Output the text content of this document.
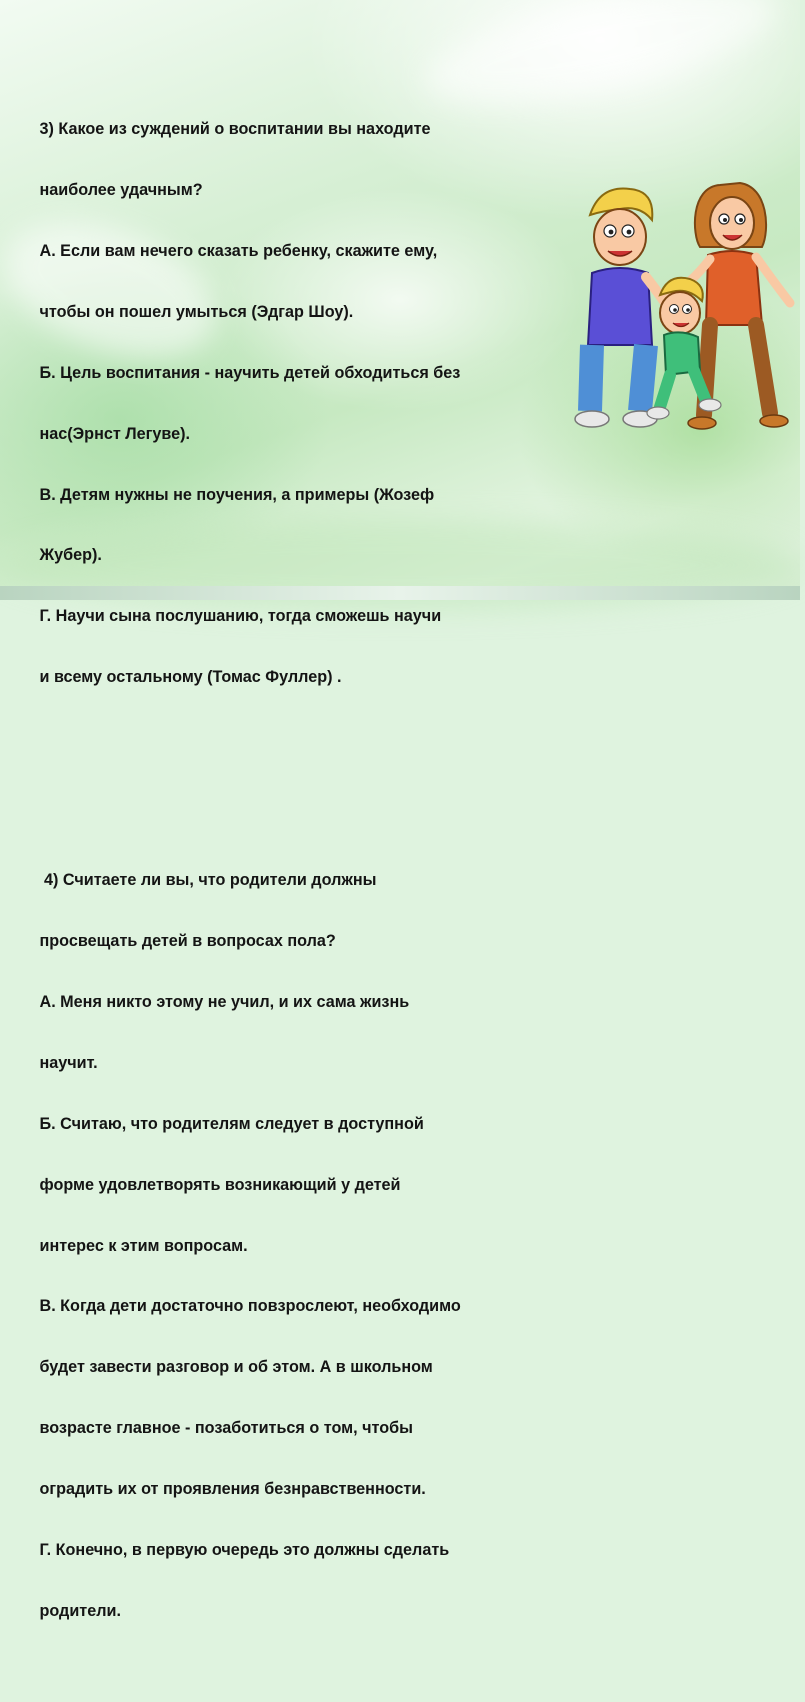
3) Какое из суждений о воспитании вы находите

наиболее удачным?

А. Если вам нечего сказать ребенку, скажите ему,

чтобы он пошел умыться (Эдгар Шоу).

Б. Цель воспитания - научить детей обходиться без

нас(Эрнст Легуве).

В. Детям нужны не поучения, а примеры (Жозеф

Жубер).

Г. Научи сына послушанию, тогда сможешь научи

и всему остальному (Томас Фуллер) .

4) Считаете ли вы, что родители должны

просвещать детей в вопросах пола?

А. Меня никто этому не учил, и их сама жизнь

научит.

Б. Считаю, что родителям следует в доступной

форме удовлетворять возникающий у детей

интерес к этим вопросам.

В. Когда дети достаточно повзрослеют, необходимо

будет завести разговор и об этом. А в школьном

возрасте главное - позаботиться о том, чтобы

оградить их от проявления безнравственности.

Г. Конечно, в первую очередь это должны сделать

родители.
